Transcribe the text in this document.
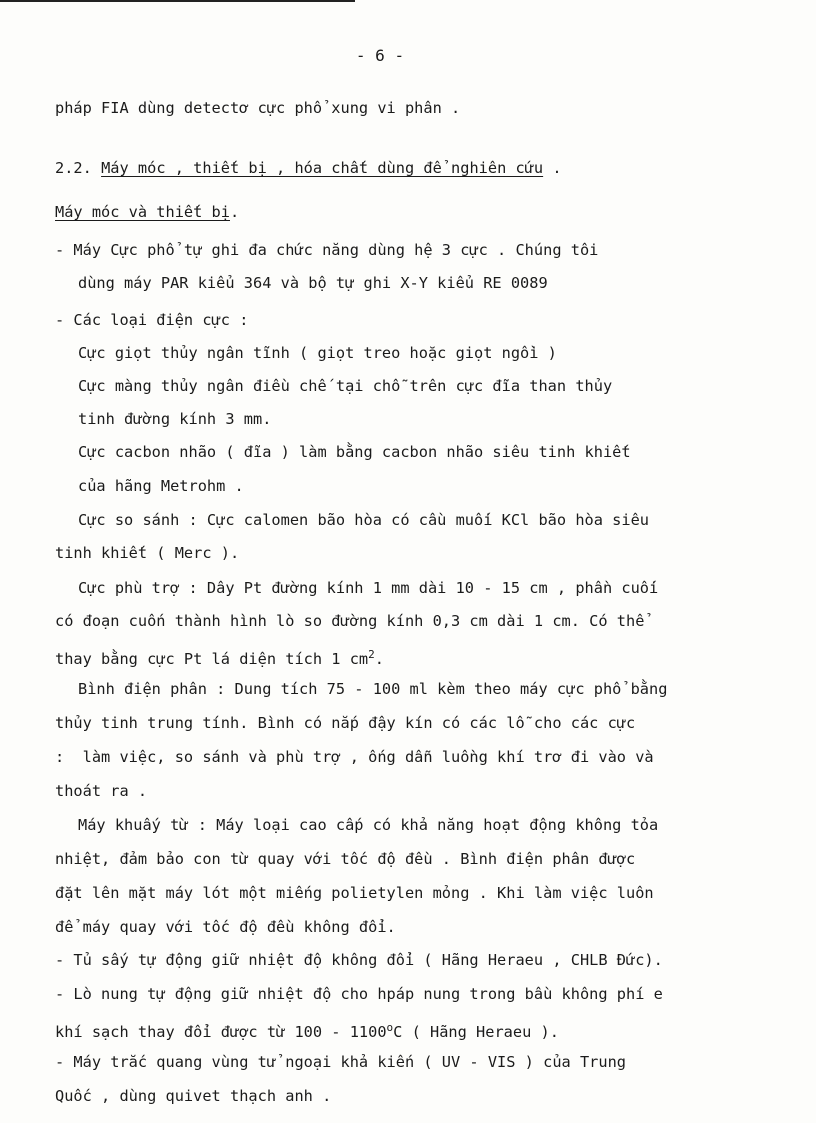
- 6 -
pháp FIA dùng detectơ cực phổ xung vi phân .
2.2. Máy móc , thiết bị , hóa chất dùng để nghiên cứu .
Máy móc và thiết bị.
- Máy Cực phổ tự ghi đa chức năng dùng hệ 3 cực . Chúng tôi
dùng máy PAR kiểu 364 và bộ tự ghi X-Y kiểu RE 0089
- Các loại điện cực :
Cực giọt thủy ngân tĩnh ( giọt treo hoặc giọt ngồi )
Cực màng thủy ngân điều chế tại chỗ trên cực đĩa than thủy
tinh đường kính 3 mm.
Cực cacbon nhão ( đĩa ) làm bằng cacbon nhão siêu tinh khiết
của hãng Metrohm .
Cực so sánh : Cực calomen bão hòa có cầu muối KCl bão hòa siêu
tinh khiết ( Merc ).
Cực phù trợ : Dây Pt đường kính 1 mm dài 10 - 15 cm , phần cuối
có đoạn cuốn thành hình lò so đường kính 0,3 cm dài 1 cm. Có thể
thay bằng cực Pt lá diện tích 1 $cm^2$.
Bình điện phân : Dung tích 75 - 100 ml kèm theo máy cực phổ bằng
thủy tinh trung tính. Bình có nắp đậy kín có các lỗ cho các cực
:  làm việc, so sánh và phù trợ , ống dẫn luồng khí trơ đi vào và
thoát ra .
Máy khuấy từ : Máy loại cao cấp có khả năng hoạt động không tỏa
nhiệt, đảm bảo con từ quay với tốc độ đều . Bình điện phân được
đặt lên mặt máy lót một miếng polietylen mỏng . Khi làm việc luôn
để máy quay với tốc độ đều không đổi.
- Tủ sấy tự động giữ nhiệt độ không đổi ( Hãng Heraeu , CHLB Đức).
- Lò nung tự động giữ nhiệt độ cho hpáp nung trong bầu không phí e
khí sạch thay đổi được từ 100 - 1100$^o$C ( Hãng Heraeu ).
- Máy trắc quang vùng tử ngoại khả kiến ( UV - VIS ) của Trung
Quốc , dùng quivet thạch anh .
